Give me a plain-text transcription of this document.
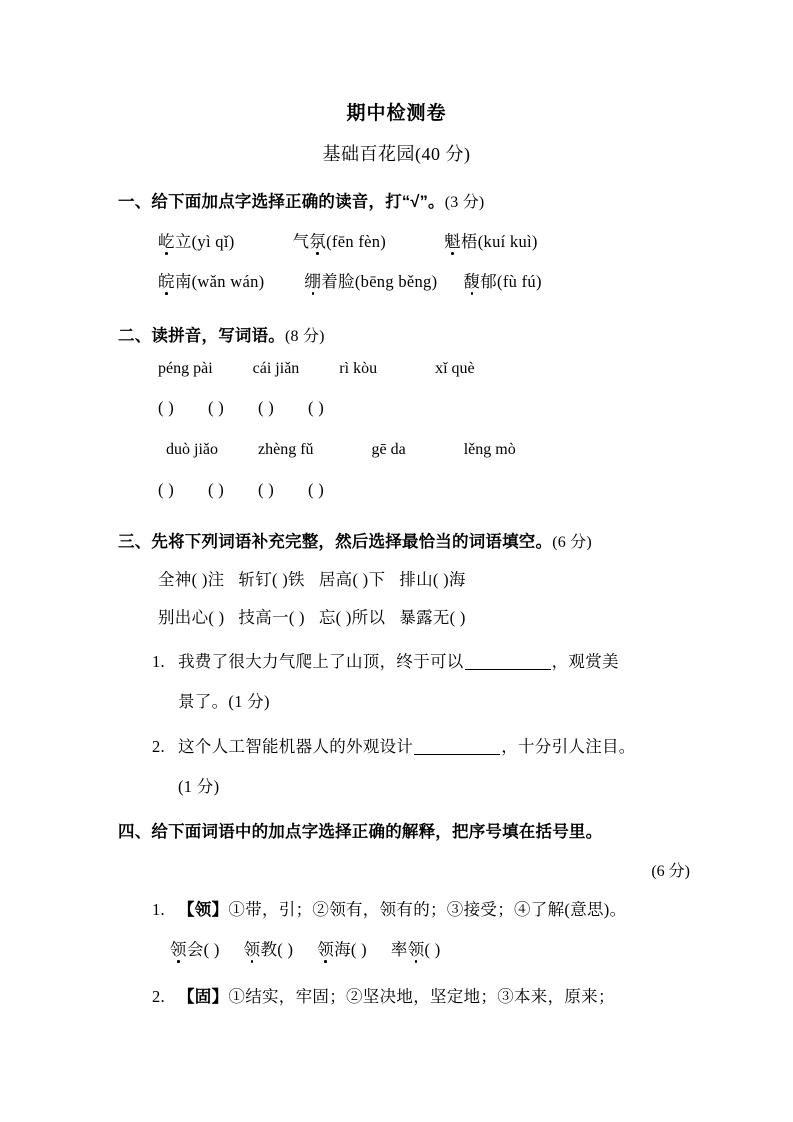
期中检测卷
基础百花园(40 分)
一、给下面加点字选择正确的读音，打“√”。(3 分)
屹立(yì qǐ)	气氛(fēn fèn)	魁梧(kuí kuì)
皖南(wǎn wán) 绷着脸(bēng běng) 馥郁(fù fú)
二、读拼音，写词语。(8 分)
péng pài	cái jiǎn	rì kòu	xǐ què
( ) ( ) ( ) ( )
duò jiǎo	zhèng fǔ	gē da	lěng mò
( ) ( ) ( ) ( )
三、先将下列词语补充完整，然后选择最恰当的词语填空。(6 分)
全神( )注 斩钉( )铁 居高( )下 排山( )海
别出心( ) 技高一( ) 忘( )所以 暴露无( )
1. 我费了很大力气爬上了山顶，终于可以	，观赏美
景了。(1 分)
2. 这个人工智能机器人的外观设计	，十分引人注目。
(1 分)
四、给下面词语中的加点字选择正确的解释，把序号填在括号里。
(6 分)
1. 【领】①带，引；②领有，领有的；③接受；④了解(意思)。
领会( ) 领教( ) 领海( ) 率领( )
2. 【固】①结实，牢固；②坚决地，坚定地；③本来，原来；
